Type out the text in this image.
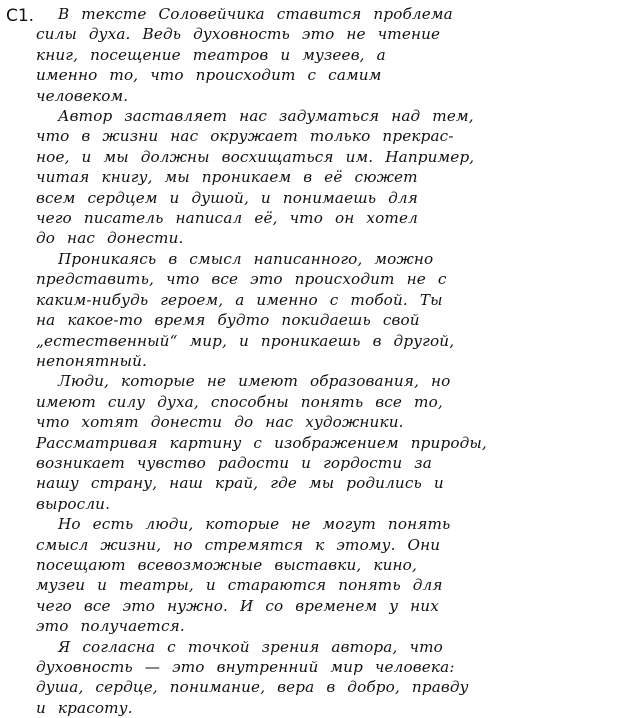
C1.	В тексте Соловейчика ставится проблема
силы духа. Ведь духовность это не чтение
книг, посещение театров и музеев, а
именно то, что происходит с самим
человеком.
Автор заставляет нас задуматься над тем,
что в жизни нас окружает только прекрас-
ное, и мы должны восхищаться им. Например,
читая книгу, мы проникаем в её сюжет
всем сердцем и душой, и понимаешь для
чего писатель написал её, что он хотел
до нас донести.
Проникаясь в смысл написанного, можно
представить, что все это происходит не с
каким-нибудь героем, а именно с тобой. Ты
на какое-то время будто покидаешь свой
„естественный“ мир, и проникаешь в другой,
непонятный.
Люди, которые не имеют образования, но
имеют силу духа, способны понять все то,
что хотят донести до нас художники.
Рассматривая картину с изображением природы,
возникает чувство радости и гордости за
нашу страну, наш край, где мы родились и
выросли.
Но есть люди, которые не могут понять
смысл жизни, но стремятся к этому. Они
посещают всевозможные выставки, кино,
музеи и театры, и стараются понять для
чего все это нужно. И со временем у них
это получается.
Я согласна с точкой зрения автора, что
духовность — это внутренний мир человека:
душа, сердце, понимание, вера в добро, правду
и красоту.
